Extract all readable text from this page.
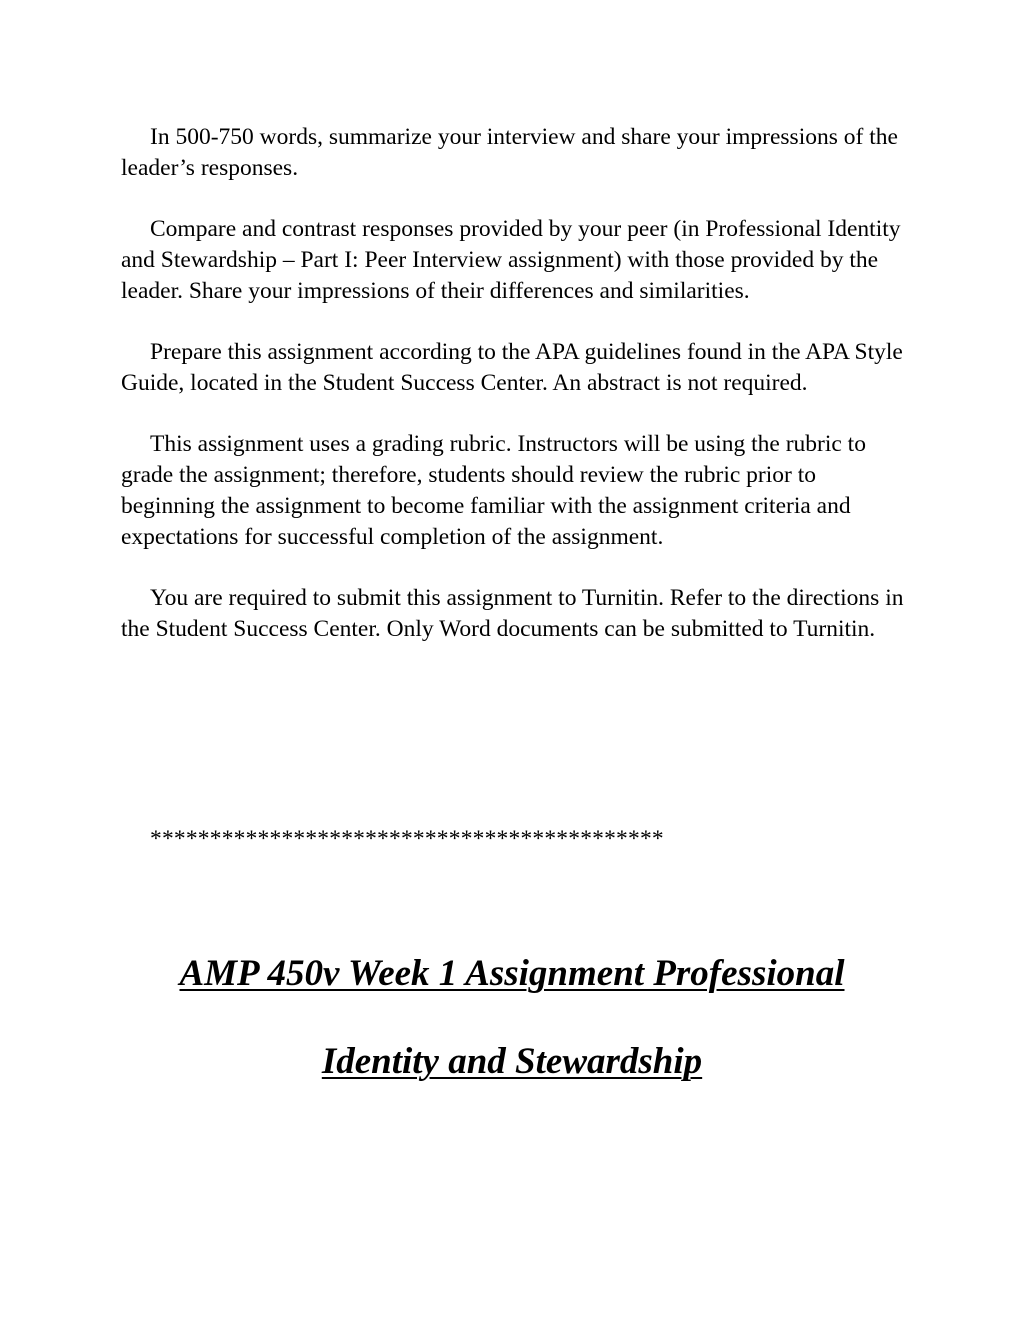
In 500-750 words, summarize your interview and share your impressions of the leader’s responses.

Compare and contrast responses provided by your peer (in Professional Identity and Stewardship – Part I: Peer Interview assignment) with those provided by the leader. Share your impressions of their differences and similarities.

Prepare this assignment according to the APA guidelines found in the APA Style Guide, located in the Student Success Center. An abstract is not required.

This assignment uses a grading rubric. Instructors will be using the rubric to grade the assignment; therefore, students should review the rubric prior to beginning the assignment to become familiar with the assignment criteria and expectations for successful completion of the assignment.

You are required to submit this assignment to Turnitin. Refer to the directions in the Student Success Center. Only Word documents can be submitted to Turnitin.

*******************************************
AMP 450v Week 1 Assignment Professional
Identity and Stewardship
